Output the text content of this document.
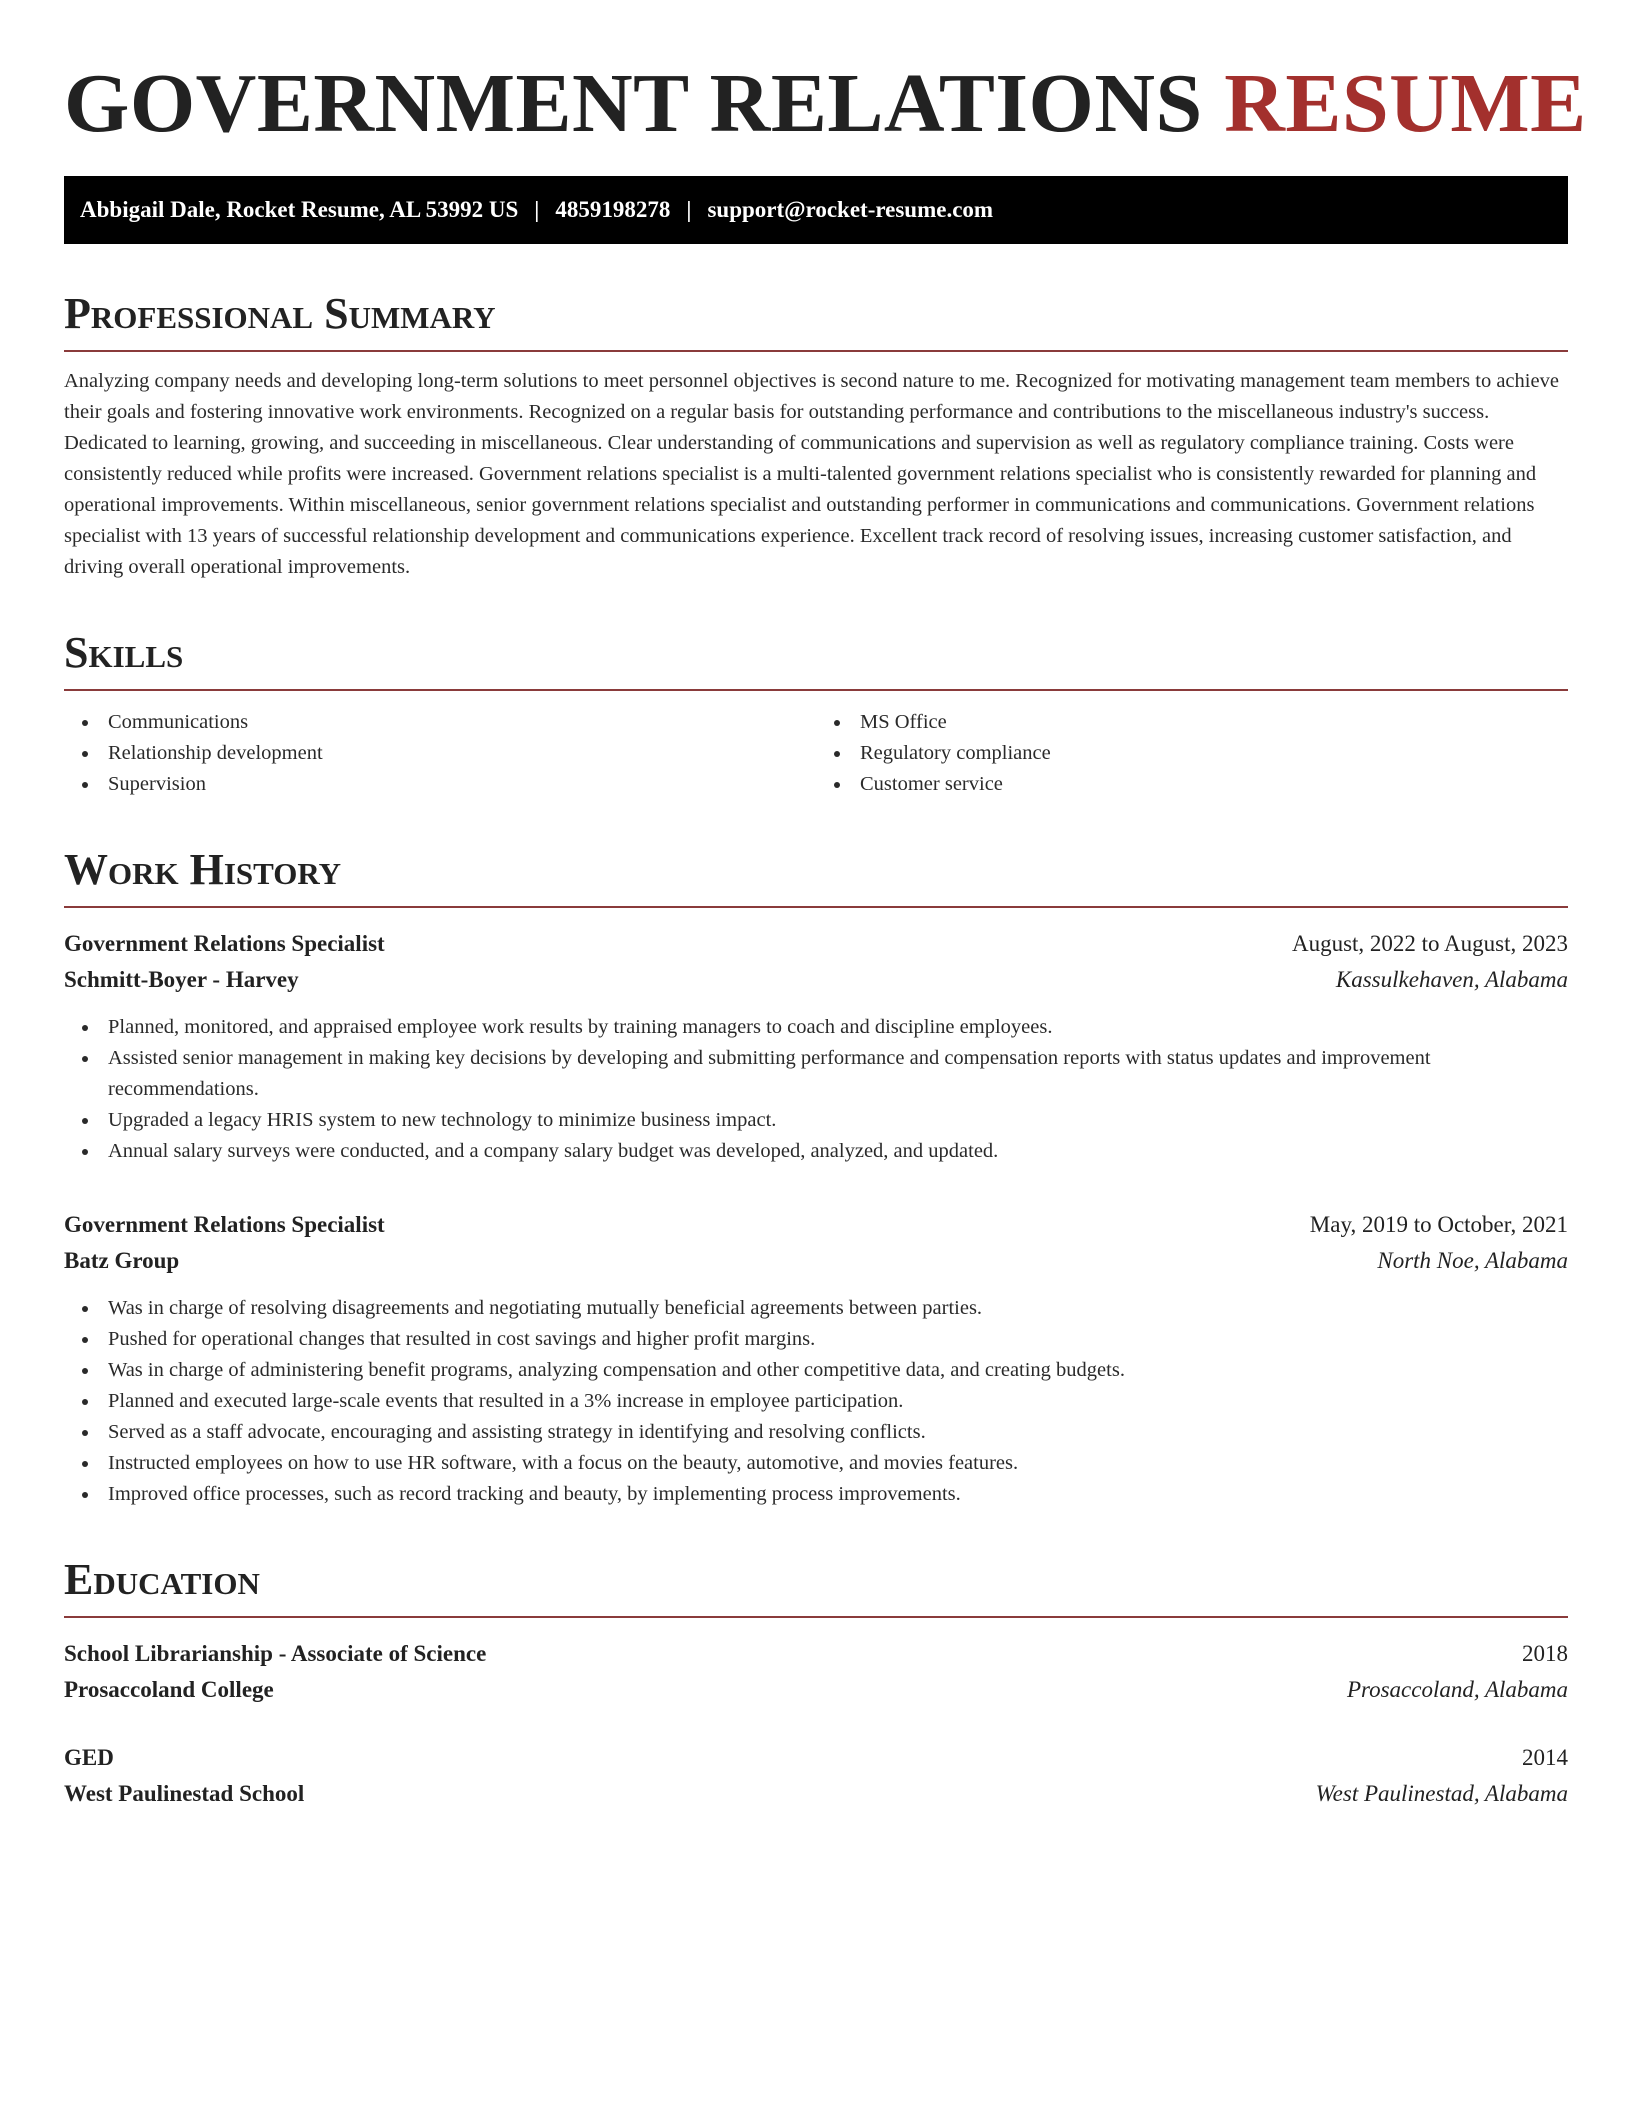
GOVERNMENT RELATIONS RESUME
Abbigail Dale, Rocket Resume, AL 53992 US | 4859198278 | support@rocket-resume.com
Professional Summary

Analyzing company needs and developing long-term solutions to meet personnel objectives is second nature to me. Recognized for motivating management team members to achieve their goals and fostering innovative work environments. Recognized on a regular basis for outstanding performance and contributions to the miscellaneous industry's success. Dedicated to learning, growing, and succeeding in miscellaneous. Clear understanding of communications and supervision as well as regulatory compliance training. Costs were consistently reduced while profits were increased. Government relations specialist is a multi-talented government relations specialist who is consistently rewarded for planning and operational improvements. Within miscellaneous, senior government relations specialist and outstanding performer in communications and communications. Government relations specialist with 13 years of successful relationship development and communications experience. Excellent track record of resolving issues, increasing customer satisfaction, and driving overall operational improvements.

Skills
Communications
Relationship development
Supervision
MS Office
Regulatory compliance
Customer service
Work History
Government Relations Specialist	August, 2022 to August, 2023
Schmitt-Boyer - Harvey	Kassulkehaven, Alabama
Planned, monitored, and appraised employee work results by training managers to coach and discipline employees.
Assisted senior management in making key decisions by developing and submitting performance and compensation reports with status updates and improvement recommendations.
Upgraded a legacy HRIS system to new technology to minimize business impact.
Annual salary surveys were conducted, and a company salary budget was developed, analyzed, and updated.
Government Relations Specialist	May, 2019 to October, 2021
Batz Group	North Noe, Alabama
Was in charge of resolving disagreements and negotiating mutually beneficial agreements between parties.
Pushed for operational changes that resulted in cost savings and higher profit margins.
Was in charge of administering benefit programs, analyzing compensation and other competitive data, and creating budgets.
Planned and executed large-scale events that resulted in a 3% increase in employee participation.
Served as a staff advocate, encouraging and assisting strategy in identifying and resolving conflicts.
Instructed employees on how to use HR software, with a focus on the beauty, automotive, and movies features.
Improved office processes, such as record tracking and beauty, by implementing process improvements.
Education
School Librarianship - Associate of Science	2018
Prosaccoland College	Prosaccoland, Alabama
GED	2014
West Paulinestad School	West Paulinestad, Alabama
